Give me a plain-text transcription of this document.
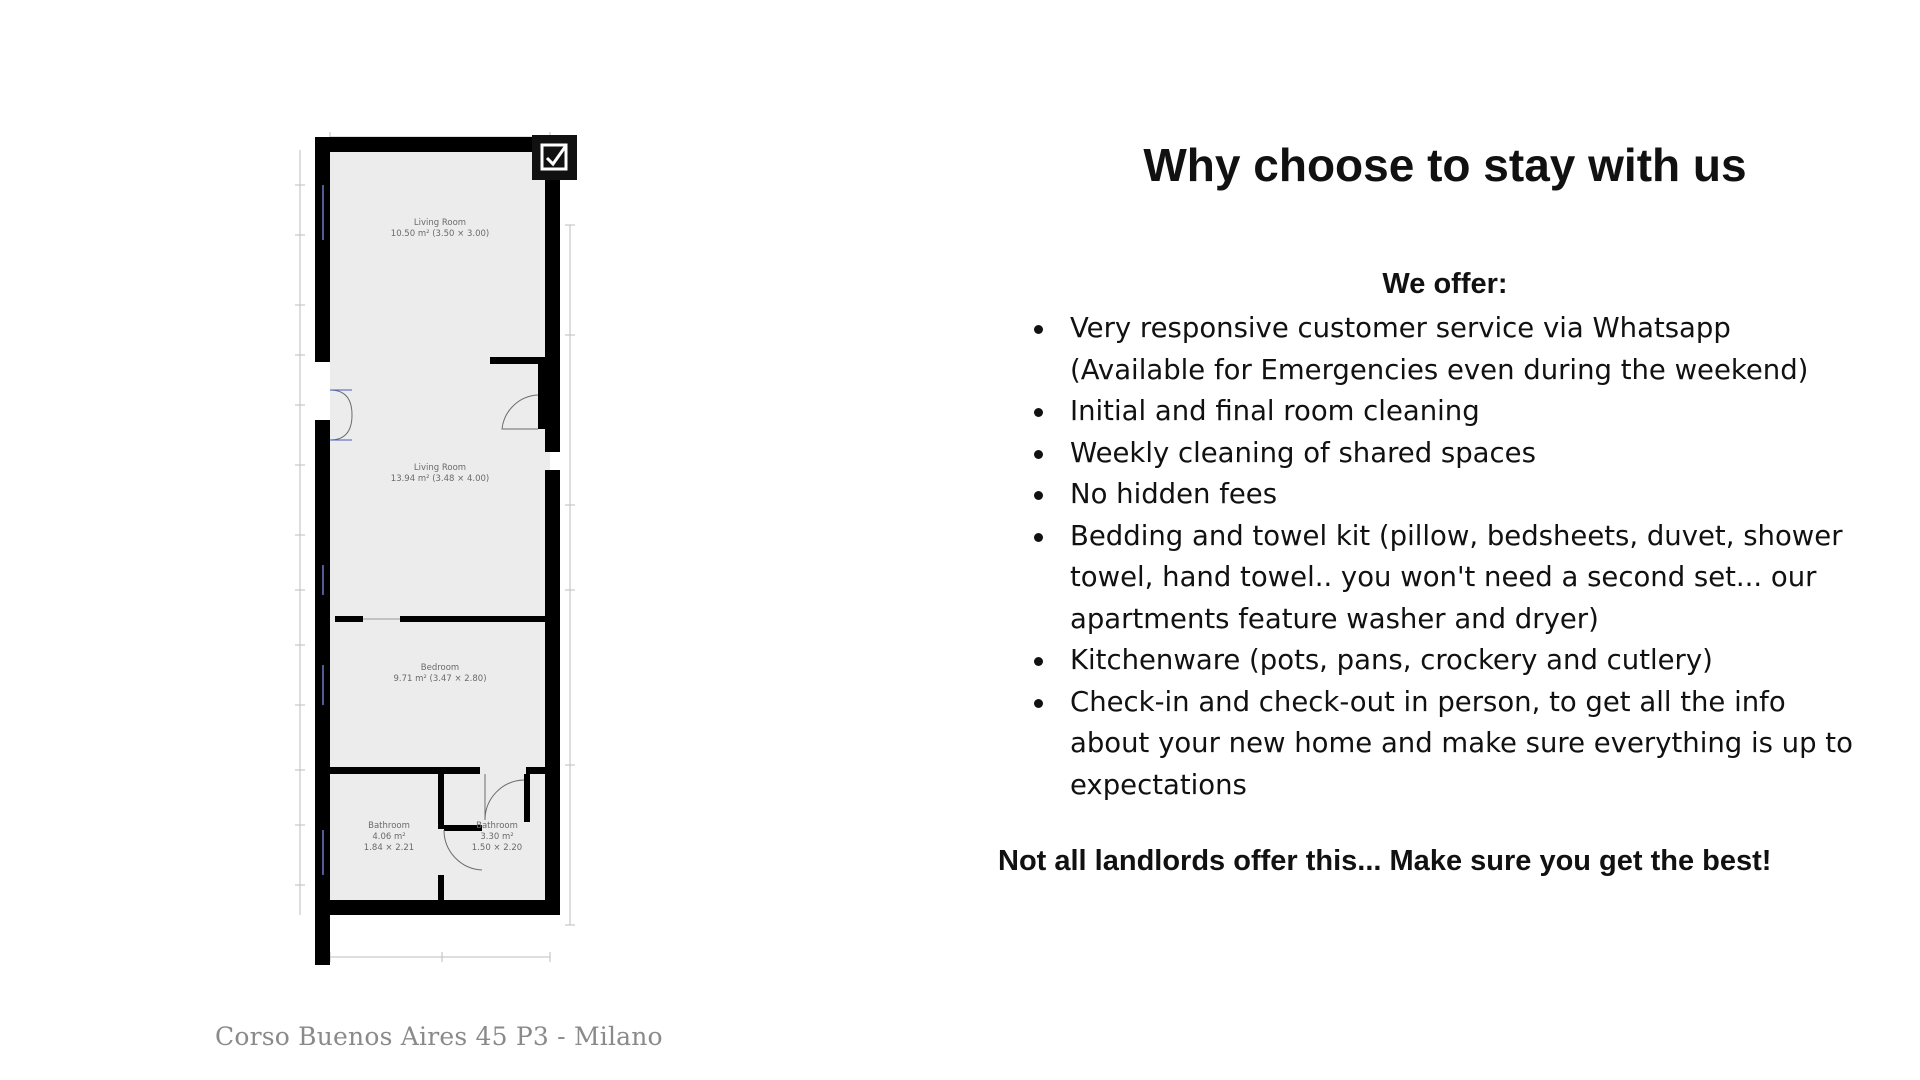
Living Room
10.50 m² (3.50 × 3.00)
Living Room
13.94 m² (3.48 × 4.00)
Bedroom
9.71 m² (3.47 × 2.80)
Bathroom
4.06 m²
1.84 × 2.21
Bathroom
3.30 m²
1.50 × 2.20
Corso Buenos Aires 45 P3 - Milano
Why choose to stay with us
We offer:
Very responsive customer service via Whatsapp (Available for Emergencies even during the weekend)
Initial and final room cleaning
Weekly cleaning of shared spaces
No hidden fees
Bedding and towel kit (pillow, bedsheets, duvet, shower towel, hand towel.. you won't need a second set... our apartments feature washer and dryer)
Kitchenware (pots, pans, crockery and cutlery)
Check-in and check-out in person, to get all the info about your new home and make sure everything is up to expectations

Not all landlords offer this... Make sure you get the best!
